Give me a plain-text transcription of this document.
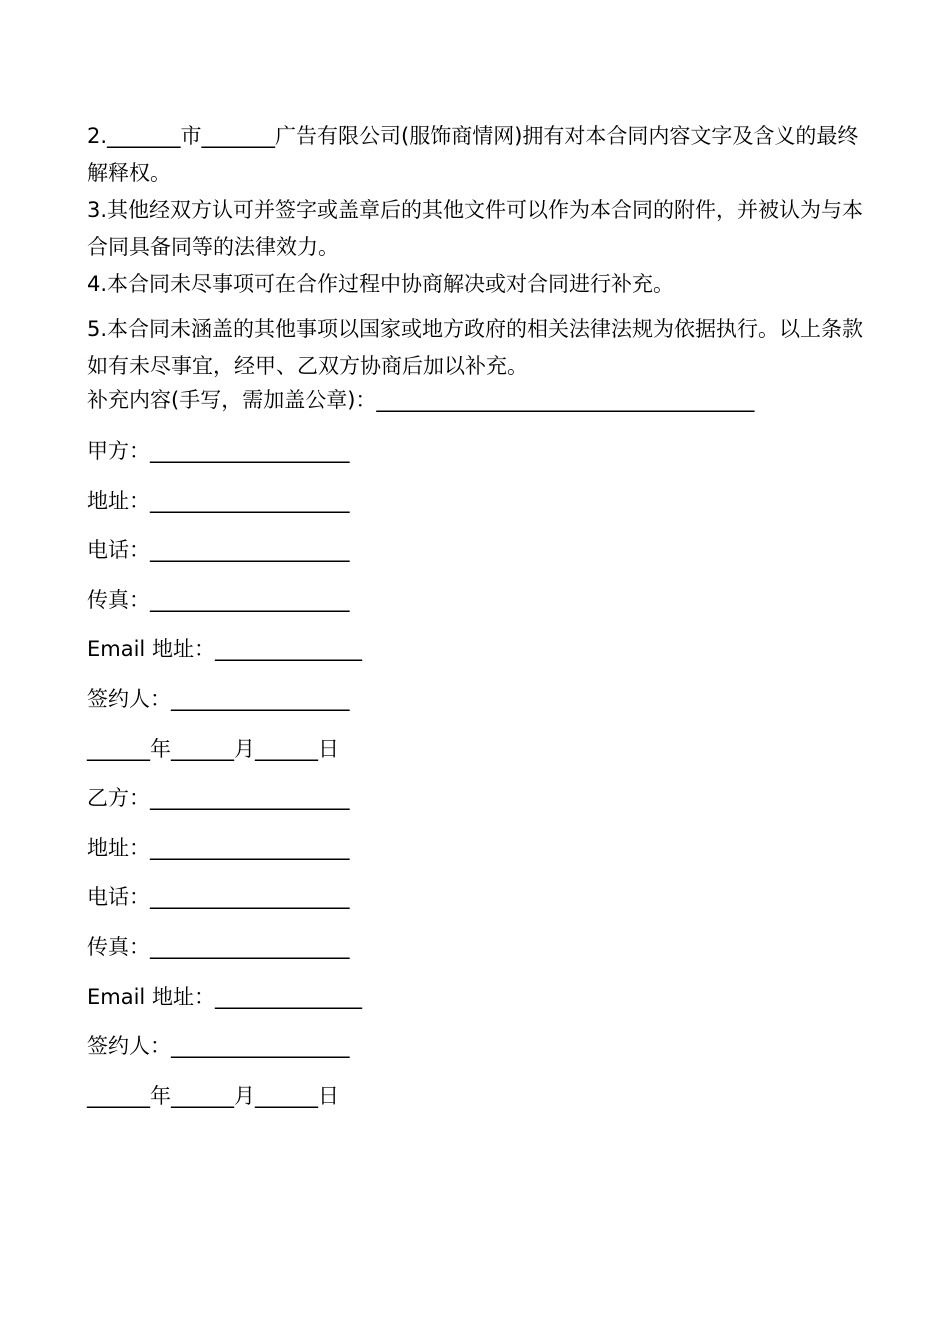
2._______市_______广告有限公司(服饰商情网)拥有对本合同内容文字及含义的最终解释权。

3.其他经双方认可并签字或盖章后的其他文件可以作为本合同的附件，并被认为与本合同具备同等的法律效力。

4.本合同未尽事项可在合作过程中协商解决或对合同进行补充。

5.本合同未涵盖的其他事项以国家或地方政府的相关法律法规为依据执行。以上条款如有未尽事宜，经甲、乙双方协商后加以补充。

补充内容(手写，需加盖公章)：____________________________________

甲方：___________________
地址：___________________
电话：___________________
传真：___________________
Email 地址：______________
签约人：_________________
______年______月______日
乙方：___________________
地址：___________________
电话：___________________
传真：___________________
Email 地址：______________
签约人：_________________
______年______月______日
